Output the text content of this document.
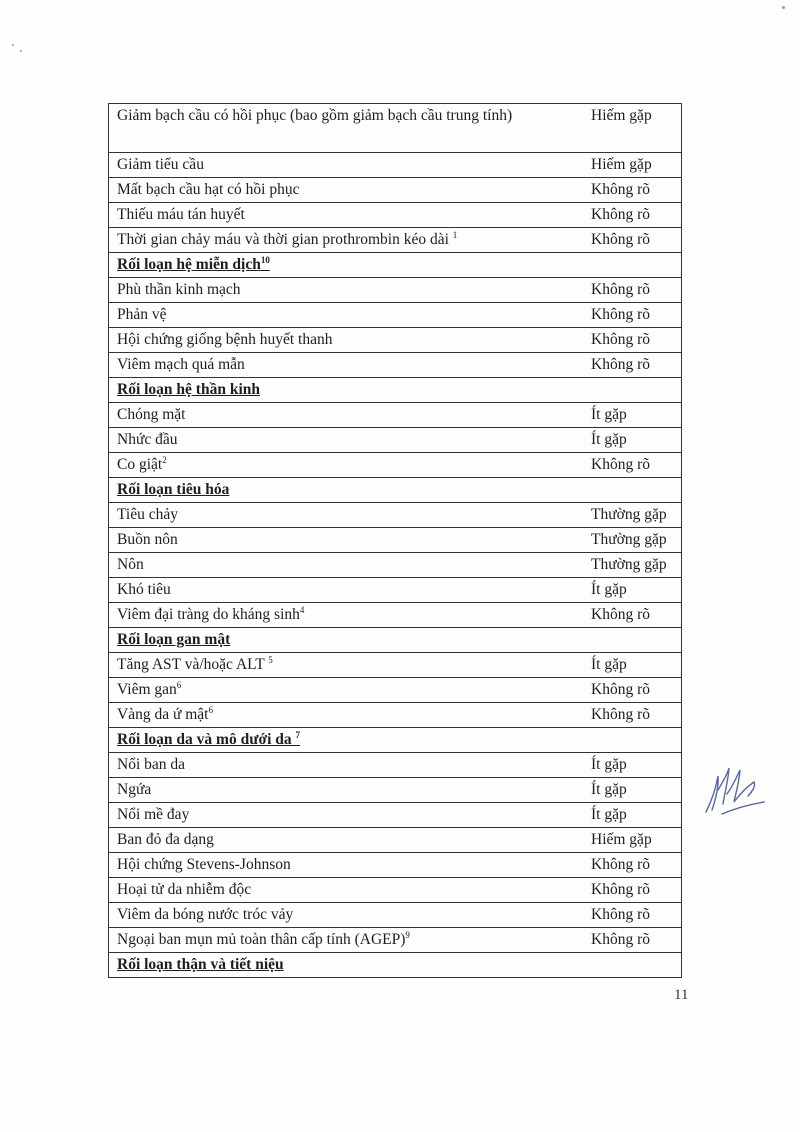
Giảm bạch cầu có hồi phục (bao gồm giảm bạch cầu trung tính)	Hiếm gặp
Giảm tiểu cầu	Hiếm gặp
Mất bạch cầu hạt có hồi phục	Không rõ
Thiếu máu tán huyết	Không rõ
Thời gian chảy máu và thời gian prothrombin kéo dài $^1$	Không rõ
Rối loạn hệ miễn dịch$^{10}$	
Phù thần kinh mạch	Không rõ
Phản vệ	Không rõ
Hội chứng giống bệnh huyết thanh	Không rõ
Viêm mạch quá mẫn	Không rõ
Rối loạn hệ thần kinh	
Chóng mặt	Ít gặp
Nhức đầu	Ít gặp
Co giật$^2$	Không rõ
Rối loạn tiêu hóa	
Tiêu chảy	Thường gặp
Buồn nôn	Thường gặp
Nôn	Thường gặp
Khó tiêu	Ít gặp
Viêm đại tràng do kháng $\sinh^4$	Không rõ
Rối loạn gan mật	
Tăng AST và/hoặc ALT $^5$	Ít gặp
Viêm gan$^6$	Không rõ
Vàng da ứ mật$^6$	Không rõ
Rối loạn da và mô dưới da $^7$	
Nổi ban da	Ít gặp
Ngứa	Ít gặp
Nổi mề đay	Ít gặp
Ban đỏ đa dạng	Hiếm gặp
Hội chứng Stevens-Johnson	Không rõ
Hoại tử da nhiễm độc	Không rõ
Viêm da bóng nước tróc vảy	Không rõ
Ngoại ban mụn mủ toàn thân cấp tính (AGEP)$^9$	Không rõ
Rối loạn thận và tiết niệu	
11
